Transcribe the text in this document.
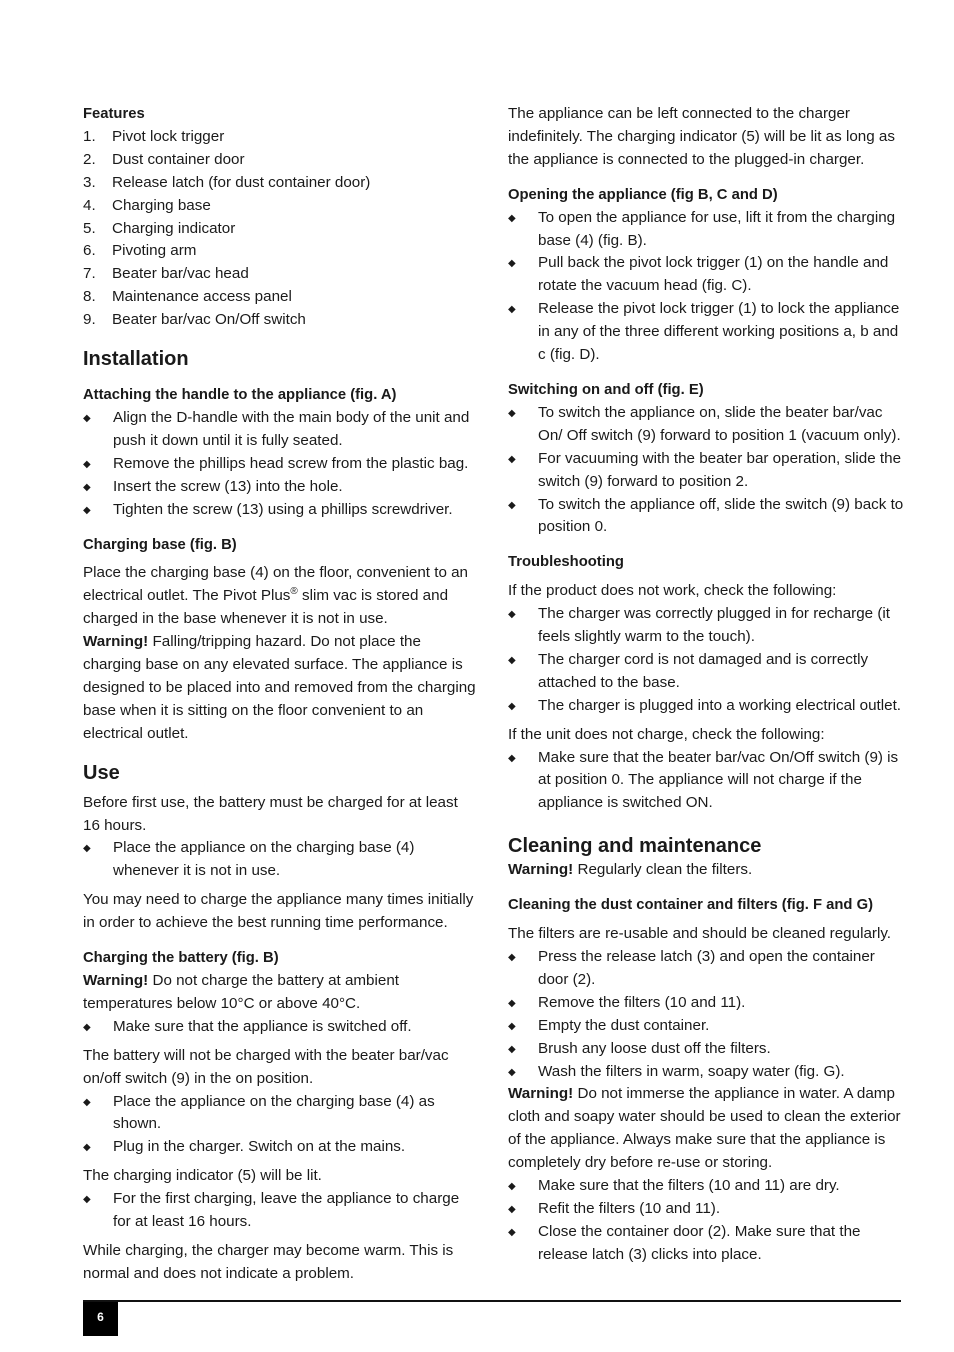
Features

1. Pivot lock trigger
2. Dust container door
3. Release latch (for dust container door)
4. Charging base
5. Charging indicator
6. Pivoting arm
7. Beater bar/vac head
8. Maintenance access panel
9. Beater bar/vac On/Off switch

Installation

Attaching the handle to the appliance (fig. A)

◆ Align the D-handle with the main body of the unit and push it down until it is fully seated.
◆ Remove the phillips head screw from the plastic bag.
◆ Insert the screw (13) into the hole.
◆ Tighten the screw (13) using a phillips screwdriver.

Charging base (fig. B)

Place the charging base (4) on the floor, convenient to an electrical outlet. The Pivot Plus® slim vac is stored and charged in the base whenever it is not in use.

Warning! Falling/tripping hazard. Do not place the charging base on any elevated surface. The appliance is designed to be placed into and removed from the charging base when it is sitting on the floor convenient to an electrical outlet.

Use

Before first use, the battery must be charged for at least 16 hours.

◆ Place the appliance on the charging base (4) whenever it is not in use.

You may need to charge the appliance many times initially in order to achieve the best running time performance.

Charging the battery (fig. B)

Warning! Do not charge the battery at ambient temperatures below 10°C or above 40°C.

◆ Make sure that the appliance is switched off.

The battery will not be charged with the beater bar/vac on/off switch (9) in the on position.

◆ Place the appliance on the charging base (4) as shown.
◆ Plug in the charger. Switch on at the mains.

The charging indicator (5) will be lit.

◆ For the first charging, leave the appliance to charge for at least 16 hours.

While charging, the charger may become warm. This is normal and does not indicate a problem.

The appliance can be left connected to the charger indefinitely. The charging indicator (5) will be lit as long as the appliance is connected to the plugged-in charger.

Opening the appliance (fig B, C and D)

◆ To open the appliance for use, lift it from the charging base (4) (fig. B).
◆ Pull back the pivot lock trigger (1) on the handle and rotate the vacuum head (fig. C).
◆ Release the pivot lock trigger (1) to lock the appliance in any of the three different working positions a, b and c (fig. D).

Switching on and off (fig. E)

◆ To switch the appliance on, slide the beater bar/vac On/ Off switch (9) forward to position 1 (vacuum only).
◆ For vacuuming with the beater bar operation, slide the switch (9) forward to position 2.
◆ To switch the appliance off, slide the switch (9) back to position 0.

Troubleshooting

If the product does not work, check the following:

◆ The charger was correctly plugged in for recharge (it feels slightly warm to the touch).
◆ The charger cord is not damaged and is correctly attached to the base.
◆ The charger is plugged into a working electrical outlet.

If the unit does not charge, check the following:

◆ Make sure that the beater bar/vac On/Off switch (9) is at position 0. The appliance will not charge if the appliance is switched ON.

Cleaning and maintenance

Warning! Regularly clean the filters.

Cleaning the dust container and filters (fig. F and G)

The filters are re-usable and should be cleaned regularly.

◆ Press the release latch (3) and open the container door (2).
◆ Remove the filters (10 and 11).
◆ Empty the dust container.
◆ Brush any loose dust off the filters.
◆ Wash the filters in warm, soapy water (fig. G).

Warning! Do not immerse the appliance in water. A damp cloth and soapy water should be used to clean the exterior of the appliance. Always make sure that the appliance is completely dry before re-use or storing.

◆ Make sure that the filters (10 and 11) are dry.
◆ Refit the filters (10 and 11).
◆ Close the container door (2). Make sure that the release latch (3) clicks into place.
6
